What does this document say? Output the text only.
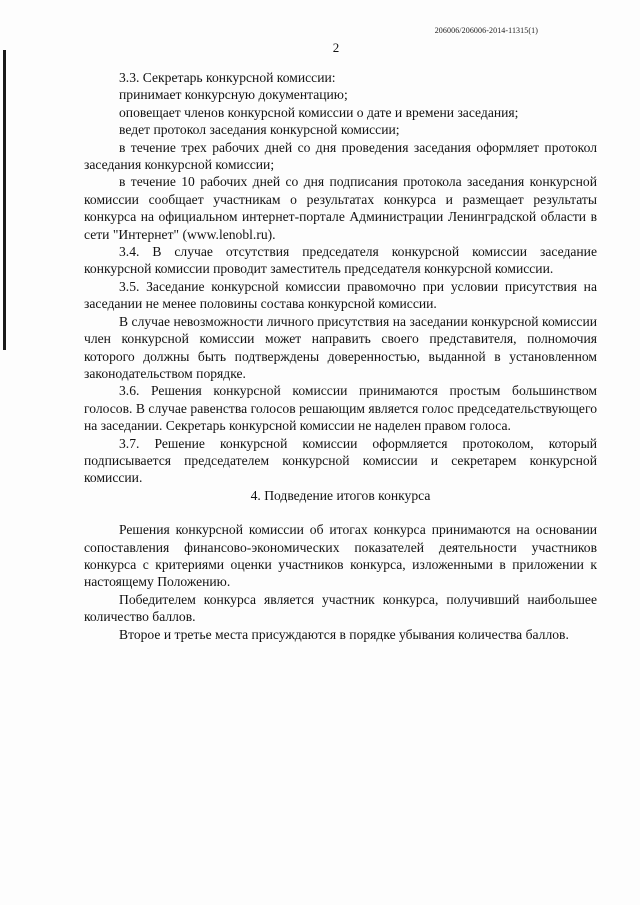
206006/206006-2014-11315(1)
2

3.3. Секретарь конкурсной комиссии:

принимает конкурсную документацию;

оповещает членов конкурсной комиссии о дате и времени заседания;

ведет протокол заседания конкурсной комиссии;

в течение трех рабочих дней со дня проведения заседания оформляет протокол заседания конкурсной комиссии;

в течение 10 рабочих дней со дня подписания протокола заседания конкурсной комиссии сообщает участникам о результатах конкурса и размещает результаты конкурса на официальном интернет-портале Администрации Ленинградской области в сети "Интернет" (www.lenobl.ru).

3.4. В случае отсутствия председателя конкурсной комиссии заседание конкурсной комиссии проводит заместитель председателя конкурсной комиссии.

3.5. Заседание конкурсной комиссии правомочно при условии присутствия на заседании не менее половины состава конкурсной комиссии.

В случае невозможности личного присутствия на заседании конкурсной комиссии член конкурсной комиссии может направить своего представителя, полномочия которого должны быть подтверждены доверенностью, выданной в установленном законодательством порядке.

3.6. Решения конкурсной комиссии принимаются простым большинством голосов. В случае равенства голосов решающим является голос председательствующего на заседании. Секретарь конкурсной комиссии не наделен правом голоса.

3.7. Решение конкурсной комиссии оформляется протоколом, который подписывается председателем конкурсной комиссии и секретарем конкурсной комиссии.

4. Подведение итогов конкурса

Решения конкурсной комиссии об итогах конкурса принимаются на основании сопоставления финансово-экономических показателей деятельности участников конкурса с критериями оценки участников конкурса, изложенными в приложении к настоящему Положению.

Победителем конкурса является участник конкурса, получивший наибольшее количество баллов.

Второе и третье места присуждаются в порядке убывания количества баллов.
